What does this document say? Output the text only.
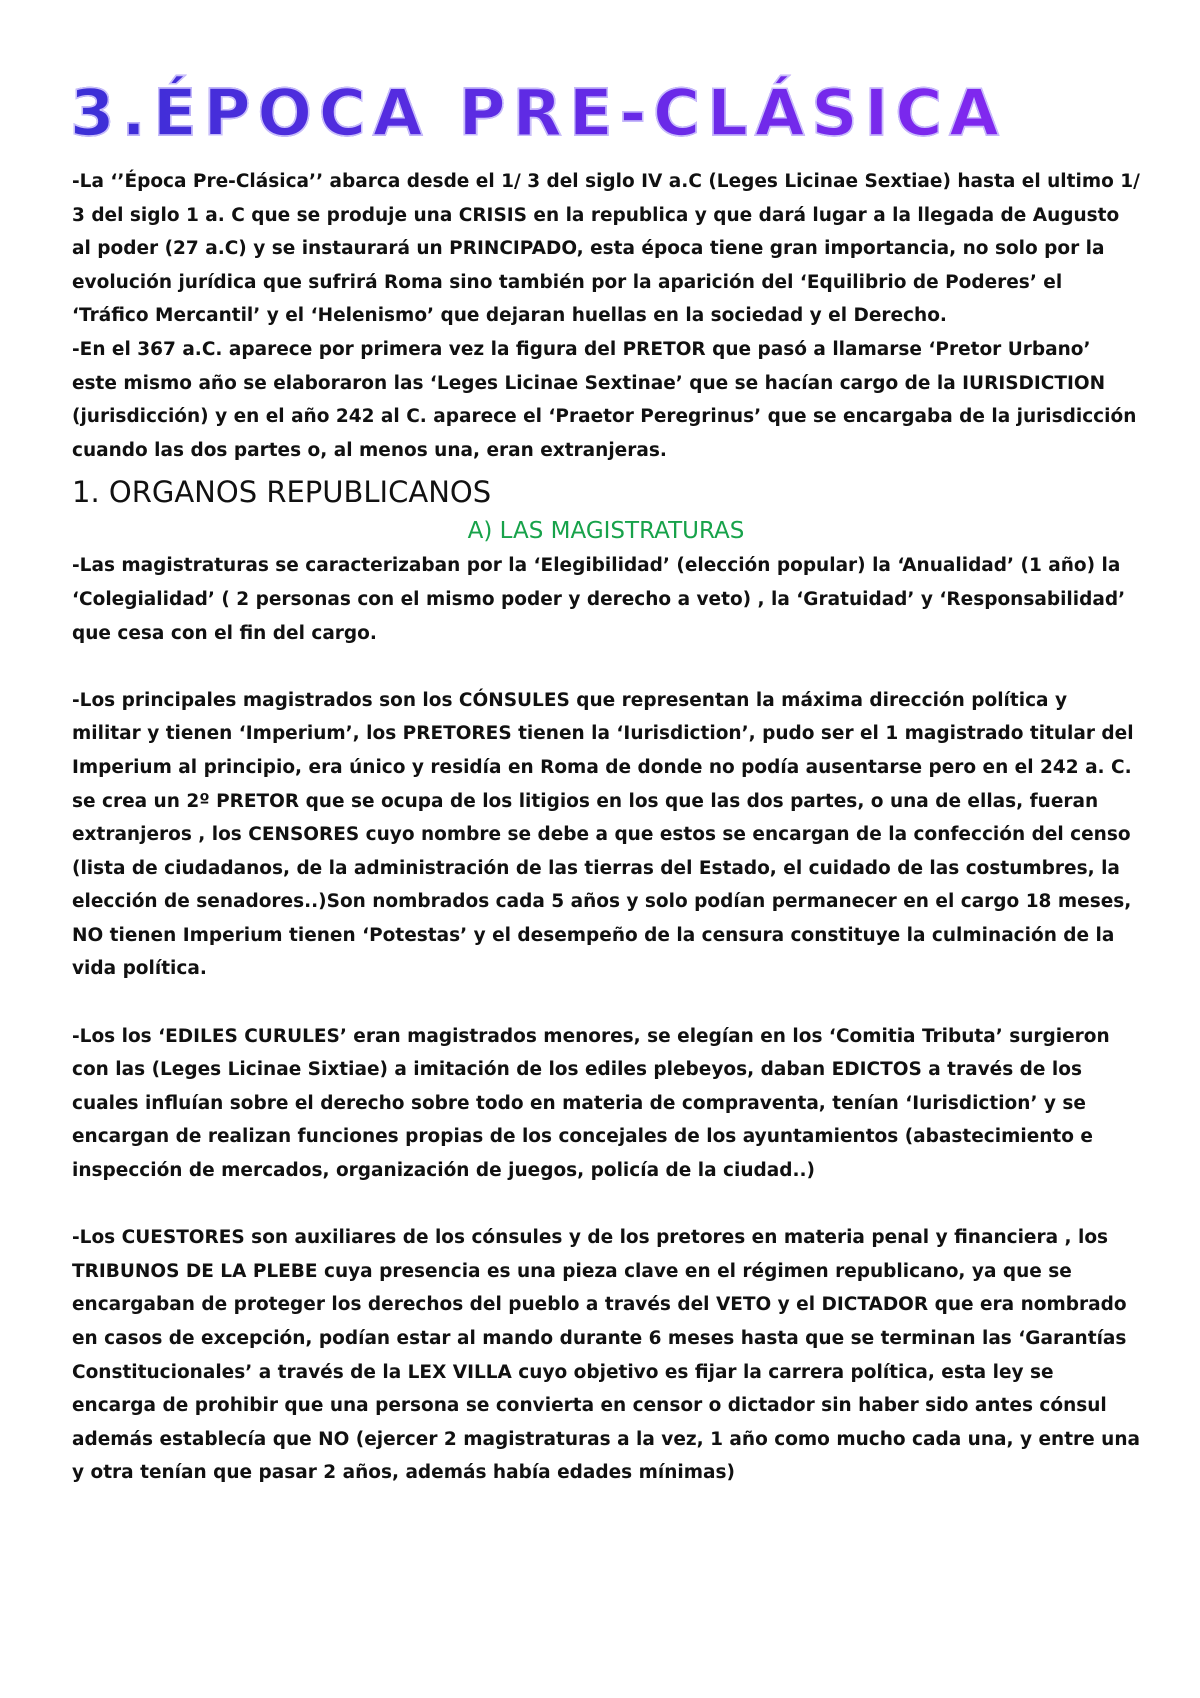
3.ÉPOCA PRE-CLÁSICA

-La ‘’Época Pre-Clásica’’ abarca desde el 1/ 3 del siglo IV a.C (Leges Licinae Sextiae) hasta el ultimo 1/ 3 del siglo 1 a. C que se produje una CRISIS en la republica y que dará lugar a la llegada de Augusto al poder (27 a.C) y se instaurará un PRINCIPADO, esta época tiene gran importancia, no solo por la evolución jurídica que sufrirá Roma sino también por la aparición del ‘Equilibrio de Poderes’ el ‘Tráfico Mercantil’ y el ‘Helenismo’ que dejaran huellas en la sociedad y el Derecho.

-En el 367 a.C. aparece por primera vez la figura del PRETOR que pasó a llamarse ‘Pretor Urbano’ este mismo año se elaboraron las ‘Leges Licinae Sextinae’ que se hacían cargo de la IURISDICTION (jurisdicción) y en el año 242 al C. aparece el ‘Praetor Peregrinus’ que se encargaba de la jurisdicción cuando las dos partes o, al menos una, eran extranjeras.

1. ORGANOS REPUBLICANOS
A) LAS MAGISTRATURAS

-Las magistraturas se caracterizaban por la ‘Elegibilidad’ (elección popular) la ‘Anualidad’ (1 año) la ‘Colegialidad’ ( 2 personas con el mismo poder y derecho a veto) , la ‘Gratuidad’ y ‘Responsabilidad’ que cesa con el fin del cargo.

-Los principales magistrados son los CÓNSULES que representan la máxima dirección política y militar y tienen ‘Imperium’, los PRETORES tienen la ‘Iurisdiction’, pudo ser el 1 magistrado titular del Imperium al principio, era único y residía en Roma de donde no podía ausentarse pero en el 242 a. C. se crea un 2º PRETOR que se ocupa de los litigios en los que las dos partes, o una de ellas, fueran extranjeros , los CENSORES cuyo nombre se debe a que estos se encargan de la confección del censo (lista de ciudadanos, de la administración de las tierras del Estado, el cuidado de las costumbres, la elección de senadores..)Son nombrados cada 5 años y solo podían permanecer en el cargo 18 meses, NO tienen Imperium tienen ‘Potestas’ y el desempeño de la censura constituye la culminación de la vida política.

-Los los ‘EDILES CURULES’ eran magistrados menores, se elegían en los ‘Comitia Tributa’ surgieron con las (Leges Licinae Sixtiae) a imitación de los ediles plebeyos, daban EDICTOS a través de los cuales influían sobre el derecho sobre todo en materia de compraventa, tenían ‘Iurisdiction’ y se encargan de realizan funciones propias de los concejales de los ayuntamientos (abastecimiento e inspección de mercados, organización de juegos, policía de la ciudad..)

-Los CUESTORES son auxiliares de los cónsules y de los pretores en materia penal y financiera , los TRIBUNOS DE LA PLEBE cuya presencia es una pieza clave en el régimen republicano, ya que se encargaban de proteger los derechos del pueblo a través del VETO y el DICTADOR que era nombrado en casos de excepción, podían estar al mando durante 6 meses hasta que se terminan las ‘Garantías Constitucionales’ a través de la LEX VILLA cuyo objetivo es fijar la carrera política, esta ley se encarga de prohibir que una persona se convierta en censor o dictador sin haber sido antes cónsul además establecía que NO (ejercer 2 magistraturas a la vez, 1 año como mucho cada una, y entre una y otra tenían que pasar 2 años, además había edades mínimas)
